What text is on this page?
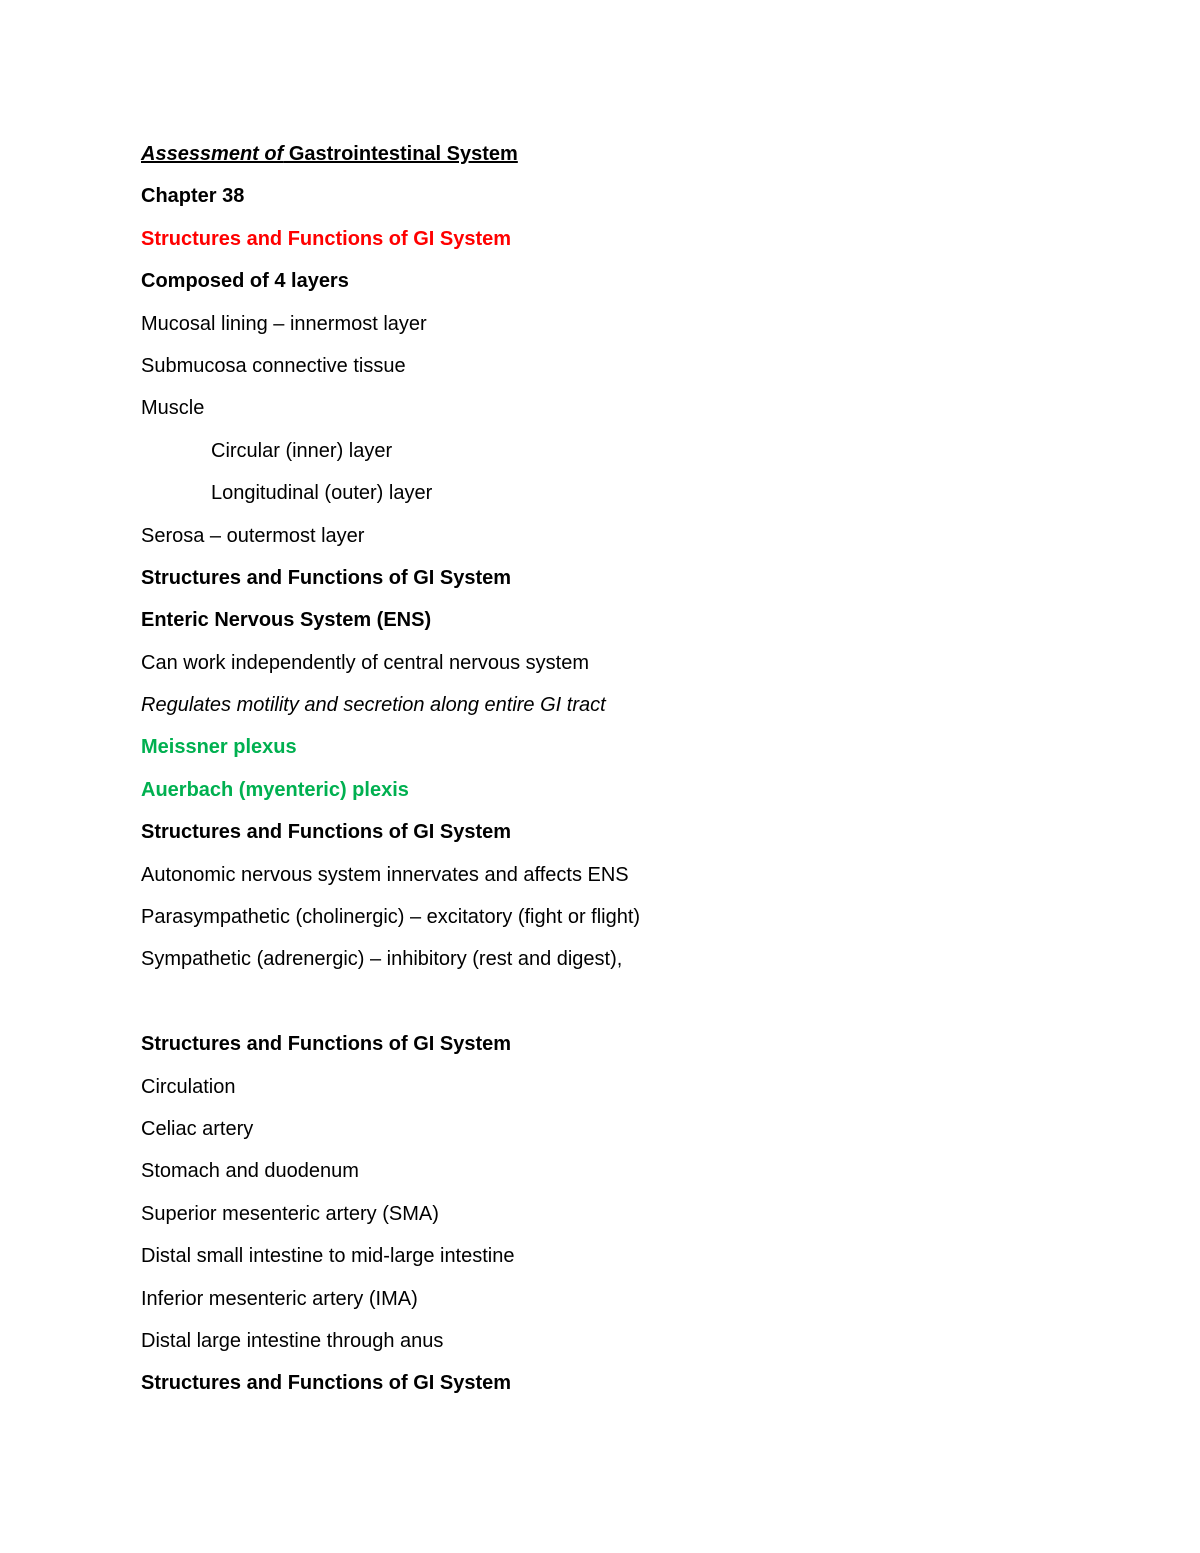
Assessment of Gastrointestinal System
Chapter 38
Structures and Functions of GI System
Composed of 4 layers
Mucosal lining – innermost layer
Submucosa connective tissue
Muscle
Circular (inner) layer
Longitudinal (outer) layer
Serosa – outermost layer
Structures and Functions of GI System
Enteric Nervous System (ENS)
Can work independently of central nervous system
Regulates motility and secretion along entire GI tract
Meissner plexus
Auerbach (myenteric) plexis
Structures and Functions of GI System
Autonomic nervous system innervates and affects ENS
Parasympathetic (cholinergic) – excitatory (fight or flight)
Sympathetic (adrenergic) – inhibitory (rest and digest),
Structures and Functions of GI System
Circulation
Celiac artery
Stomach and duodenum
Superior mesenteric artery (SMA)
Distal small intestine to mid-large intestine
Inferior mesenteric artery (IMA)
Distal large intestine through anus
Structures and Functions of GI System
